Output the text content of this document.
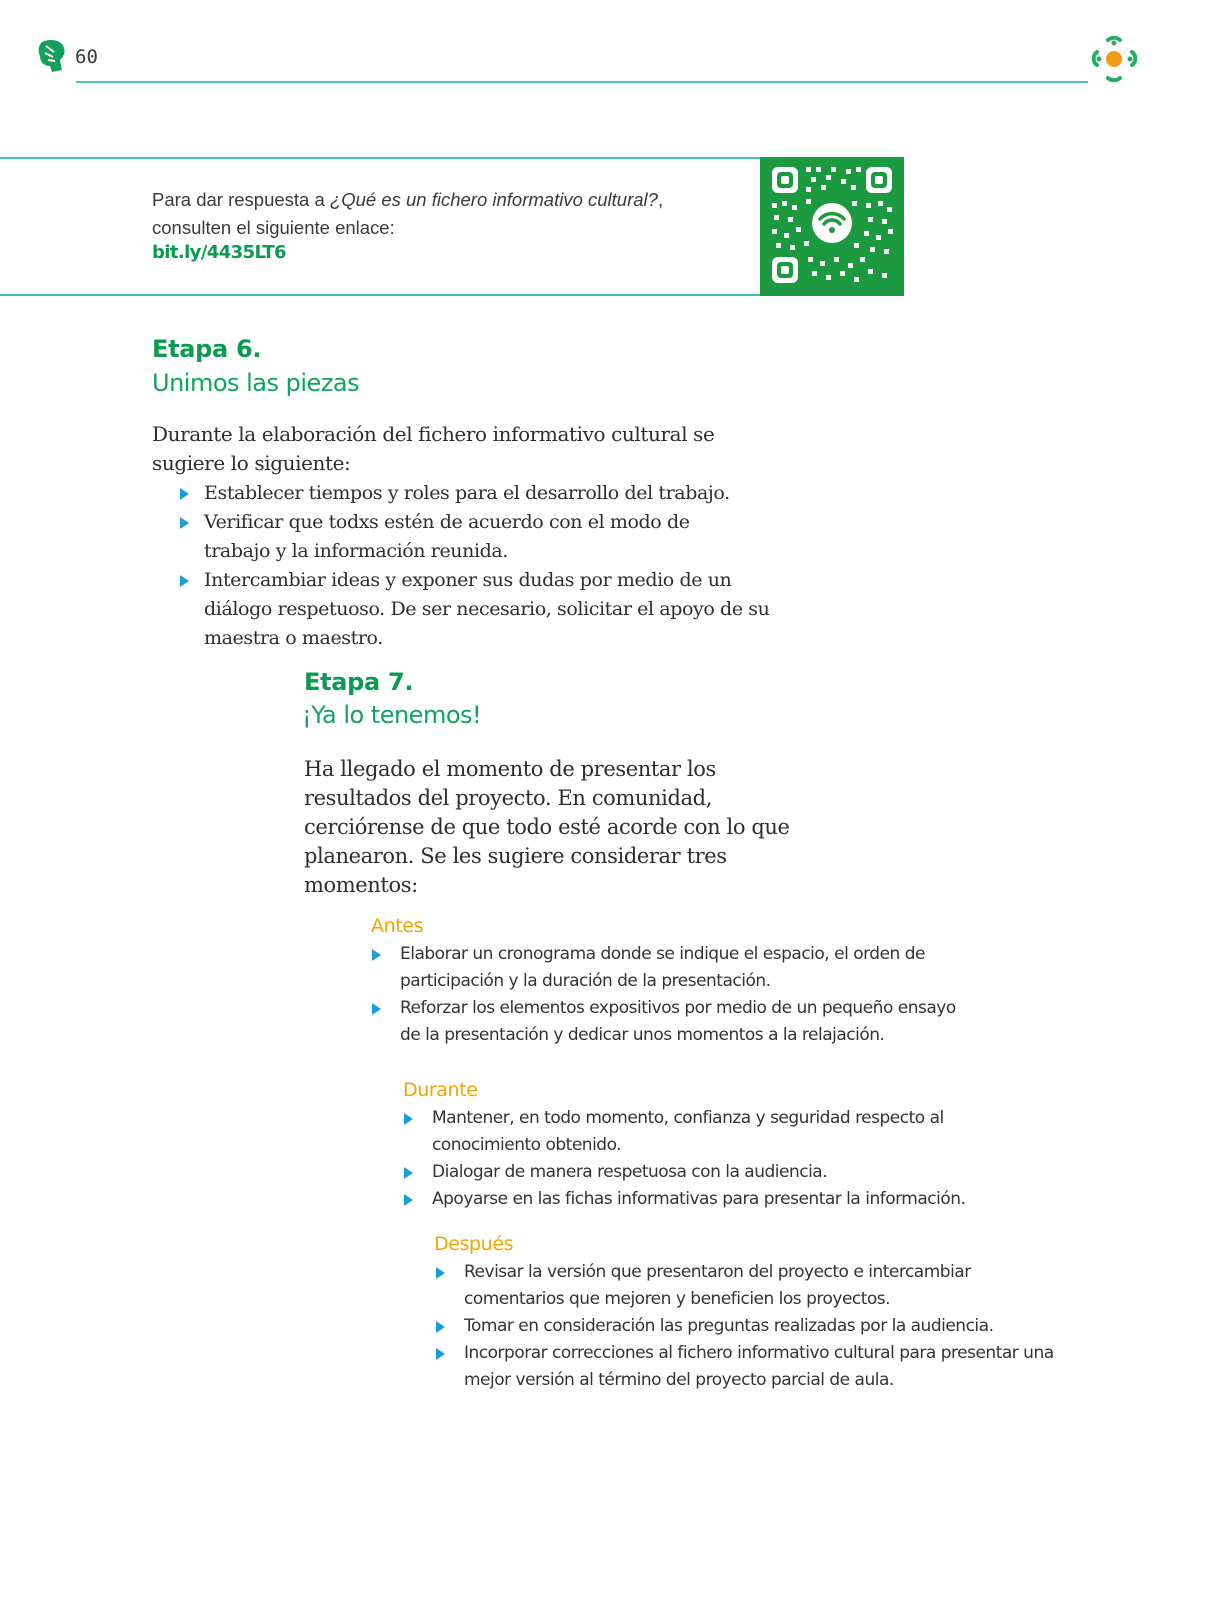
60
Para dar respuesta a ¿Qué es un fichero informativo cultural?,
consulten el siguiente enlace:
bit.ly/4435LT6
Etapa 6.
Unimos las piezas
Durante la elaboración del fichero informativo cultural se sugiere lo siguiente:
Establecer tiempos y roles para el desarrollo del trabajo.
Verificar que todxs estén de acuerdo con el modo de trabajo y la información reunida.
Intercambiar ideas y exponer sus dudas por medio de un diálogo respetuoso. De ser necesario, solicitar el apoyo de su maestra o maestro.
Etapa 7.
¡Ya lo tenemos!
Ha llegado el momento de presentar los resultados del proyecto. En comunidad, cerciórense de que todo esté acorde con lo que planearon. Se les sugiere considerar tres momentos:
Antes
Elaborar un cronograma donde se indique el espacio, el orden de participación y la duración de la presentación.
Reforzar los elementos expositivos por medio de un pequeño ensayo de la presentación y dedicar unos momentos a la relajación.
Durante
Mantener, en todo momento, confianza y seguridad respecto al conocimiento obtenido.
Dialogar de manera respetuosa con la audiencia.
Apoyarse en las fichas informativas para presentar la información.
Después
Revisar la versión que presentaron del proyecto e intercambiar comentarios que mejoren y beneficien los proyectos.
Tomar en consideración las preguntas realizadas por la audiencia.
Incorporar correcciones al fichero informativo cultural para presentar una mejor versión al término del proyecto parcial de aula.
